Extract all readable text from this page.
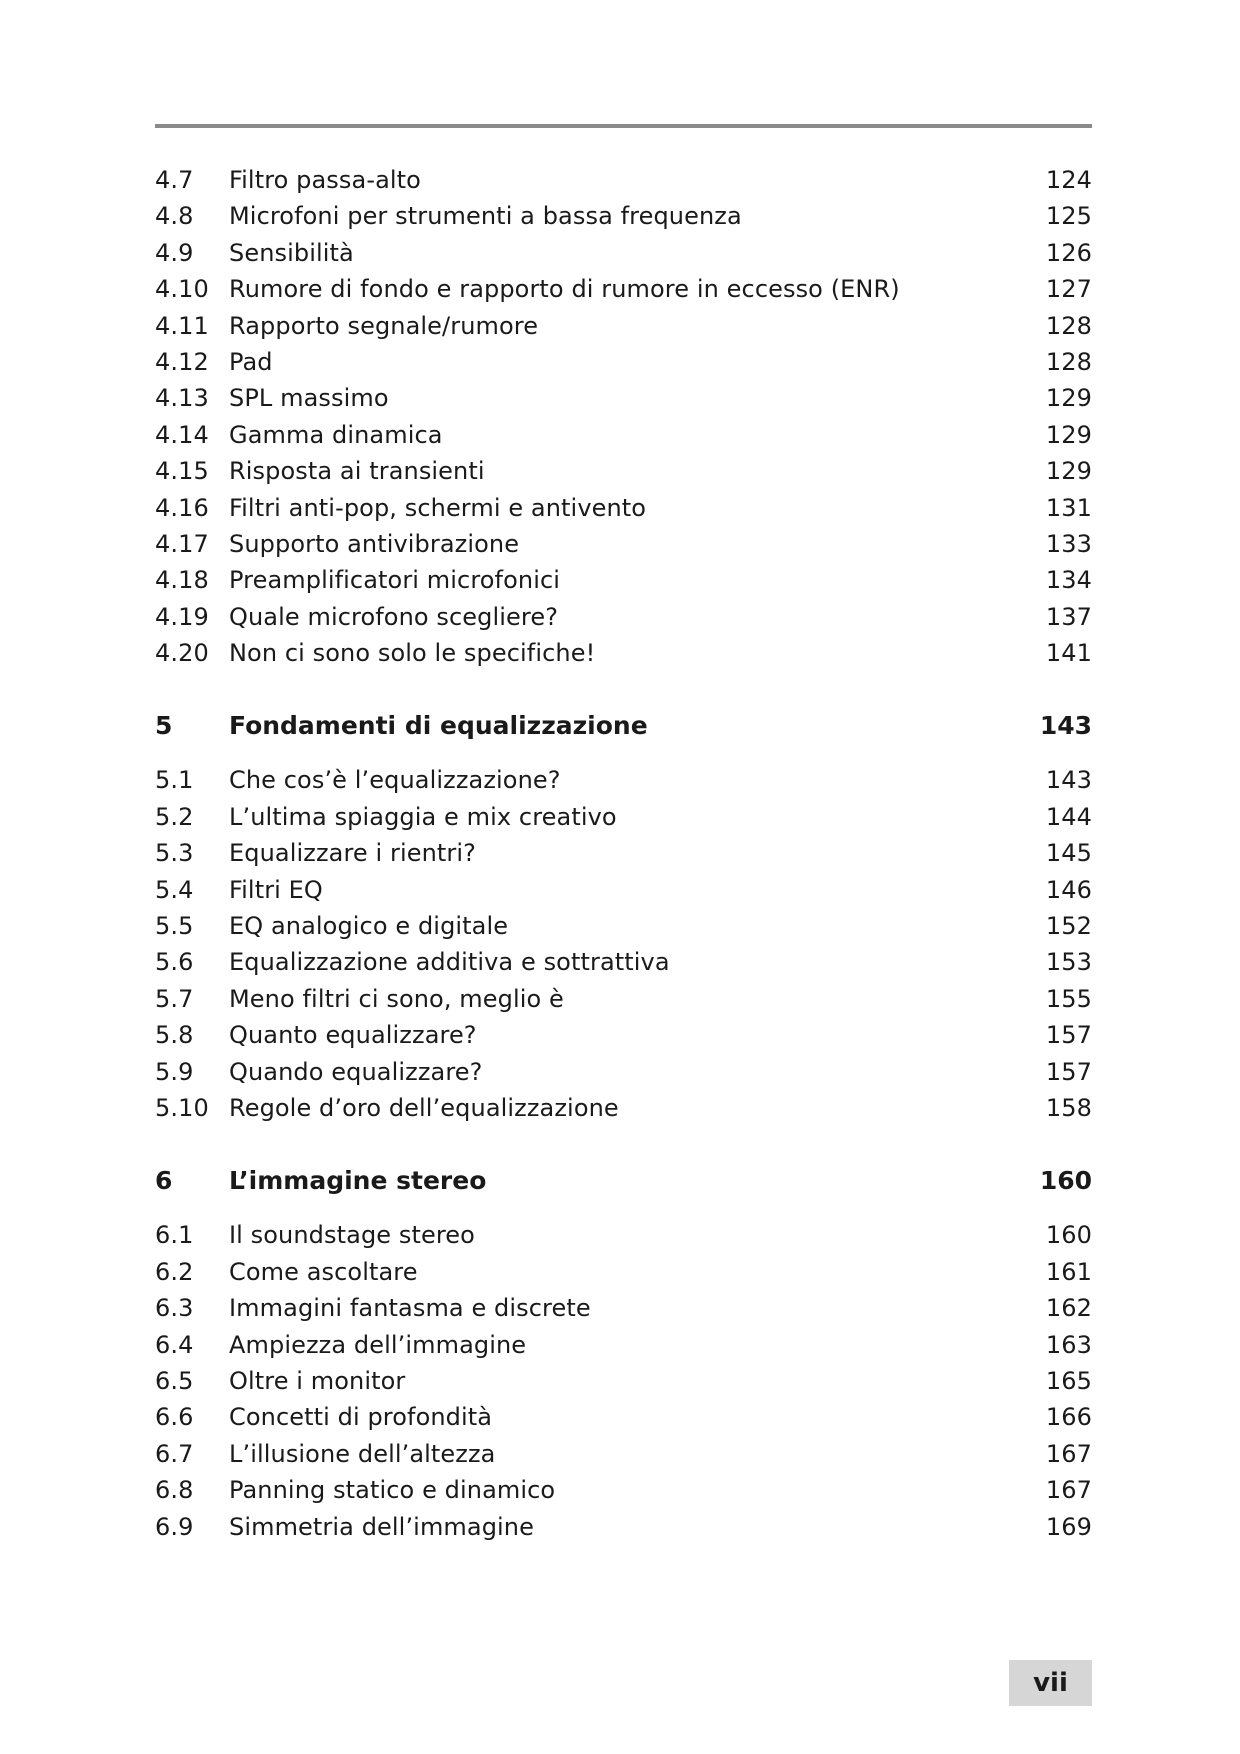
4.7	Filtro passa-alto	124
4.8	Microfoni per strumenti a bassa frequenza	125
4.9	Sensibilità	126
4.10 Rumore di fondo e rapporto di rumore in eccesso (ENR)	127
4.11 Rapporto segnale/rumore	128
4.12 Pad	128
4.13 SPL massimo	129
4.14 Gamma dinamica	129
4.15 Risposta ai transienti	129
4.16 Filtri anti-pop, schermi e antivento	131
4.17 Supporto antivibrazione	133
4.18 Preamplificatori microfonici	134
4.19 Quale microfono scegliere?	137
4.20 Non ci sono solo le specifiche!	141
5	Fondamenti di equalizzazione	143
5.1	Che cos’è l’equalizzazione?	143
5.2	L’ultima spiaggia e mix creativo	144
5.3	Equalizzare i rientri?	145
5.4	Filtri EQ	146
5.5	EQ analogico e digitale	152
5.6	Equalizzazione additiva e sottrattiva	153
5.7	Meno filtri ci sono, meglio è	155
5.8	Quanto equalizzare?	157
5.9	Quando equalizzare?	157
5.10 Regole d’oro dell’equalizzazione	158
6	L’immagine stereo	160
6.1	Il soundstage stereo	160
6.2	Come ascoltare	161
6.3	Immagini fantasma e discrete	162
6.4	Ampiezza dell’immagine	163
6.5	Oltre i monitor	165
6.6	Concetti di profondità	166
6.7	L’illusione dell’altezza	167
6.8	Panning statico e dinamico	167
6.9	Simmetria dell’immagine	169
vii
